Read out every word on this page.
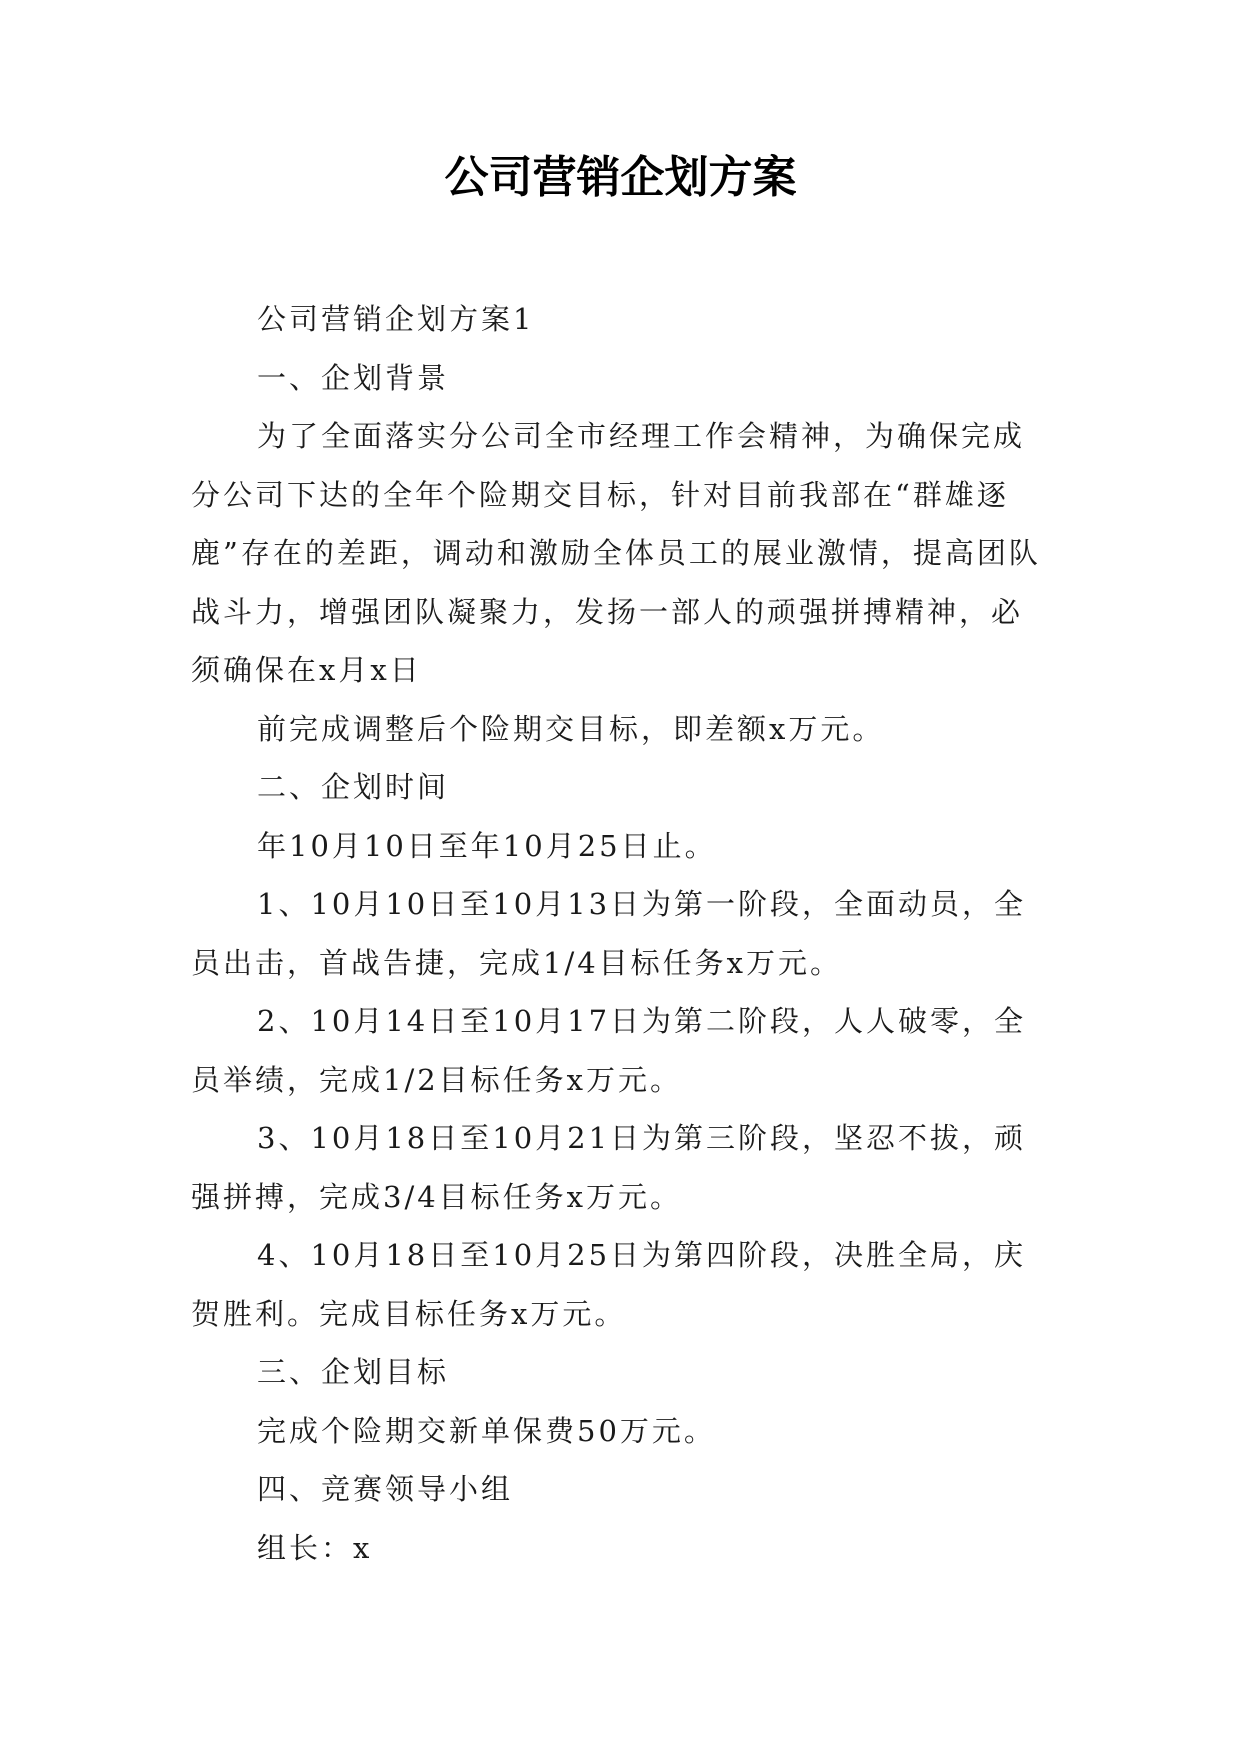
公司营销企划方案

公司营销企划方案1

一、企划背景

为了全面落实分公司全市经理工作会精神，为确保完成分公司下达的全年个险期交目标，针对目前我部在“群雄逐鹿”存在的差距，调动和激励全体员工的展业激情，提高团队战斗力，增强团队凝聚力，发扬一部人的顽强拼搏精神，必须确保在x月x日

前完成调整后个险期交目标，即差额x万元。

二、企划时间

年10月10日至年10月25日止。

1、10月10日至10月13日为第一阶段，全面动员，全员出击，首战告捷，完成1/4目标任务x万元。

2、10月14日至10月17日为第二阶段，人人破零，全员举绩，完成1/2目标任务x万元。

3、10月18日至10月21日为第三阶段，坚忍不拔，顽强拼搏，完成3/4目标任务x万元。

4、10月18日至10月25日为第四阶段，决胜全局，庆贺胜利。完成目标任务x万元。

三、企划目标

完成个险期交新单保费50万元。

四、竞赛领导小组

组长：x
